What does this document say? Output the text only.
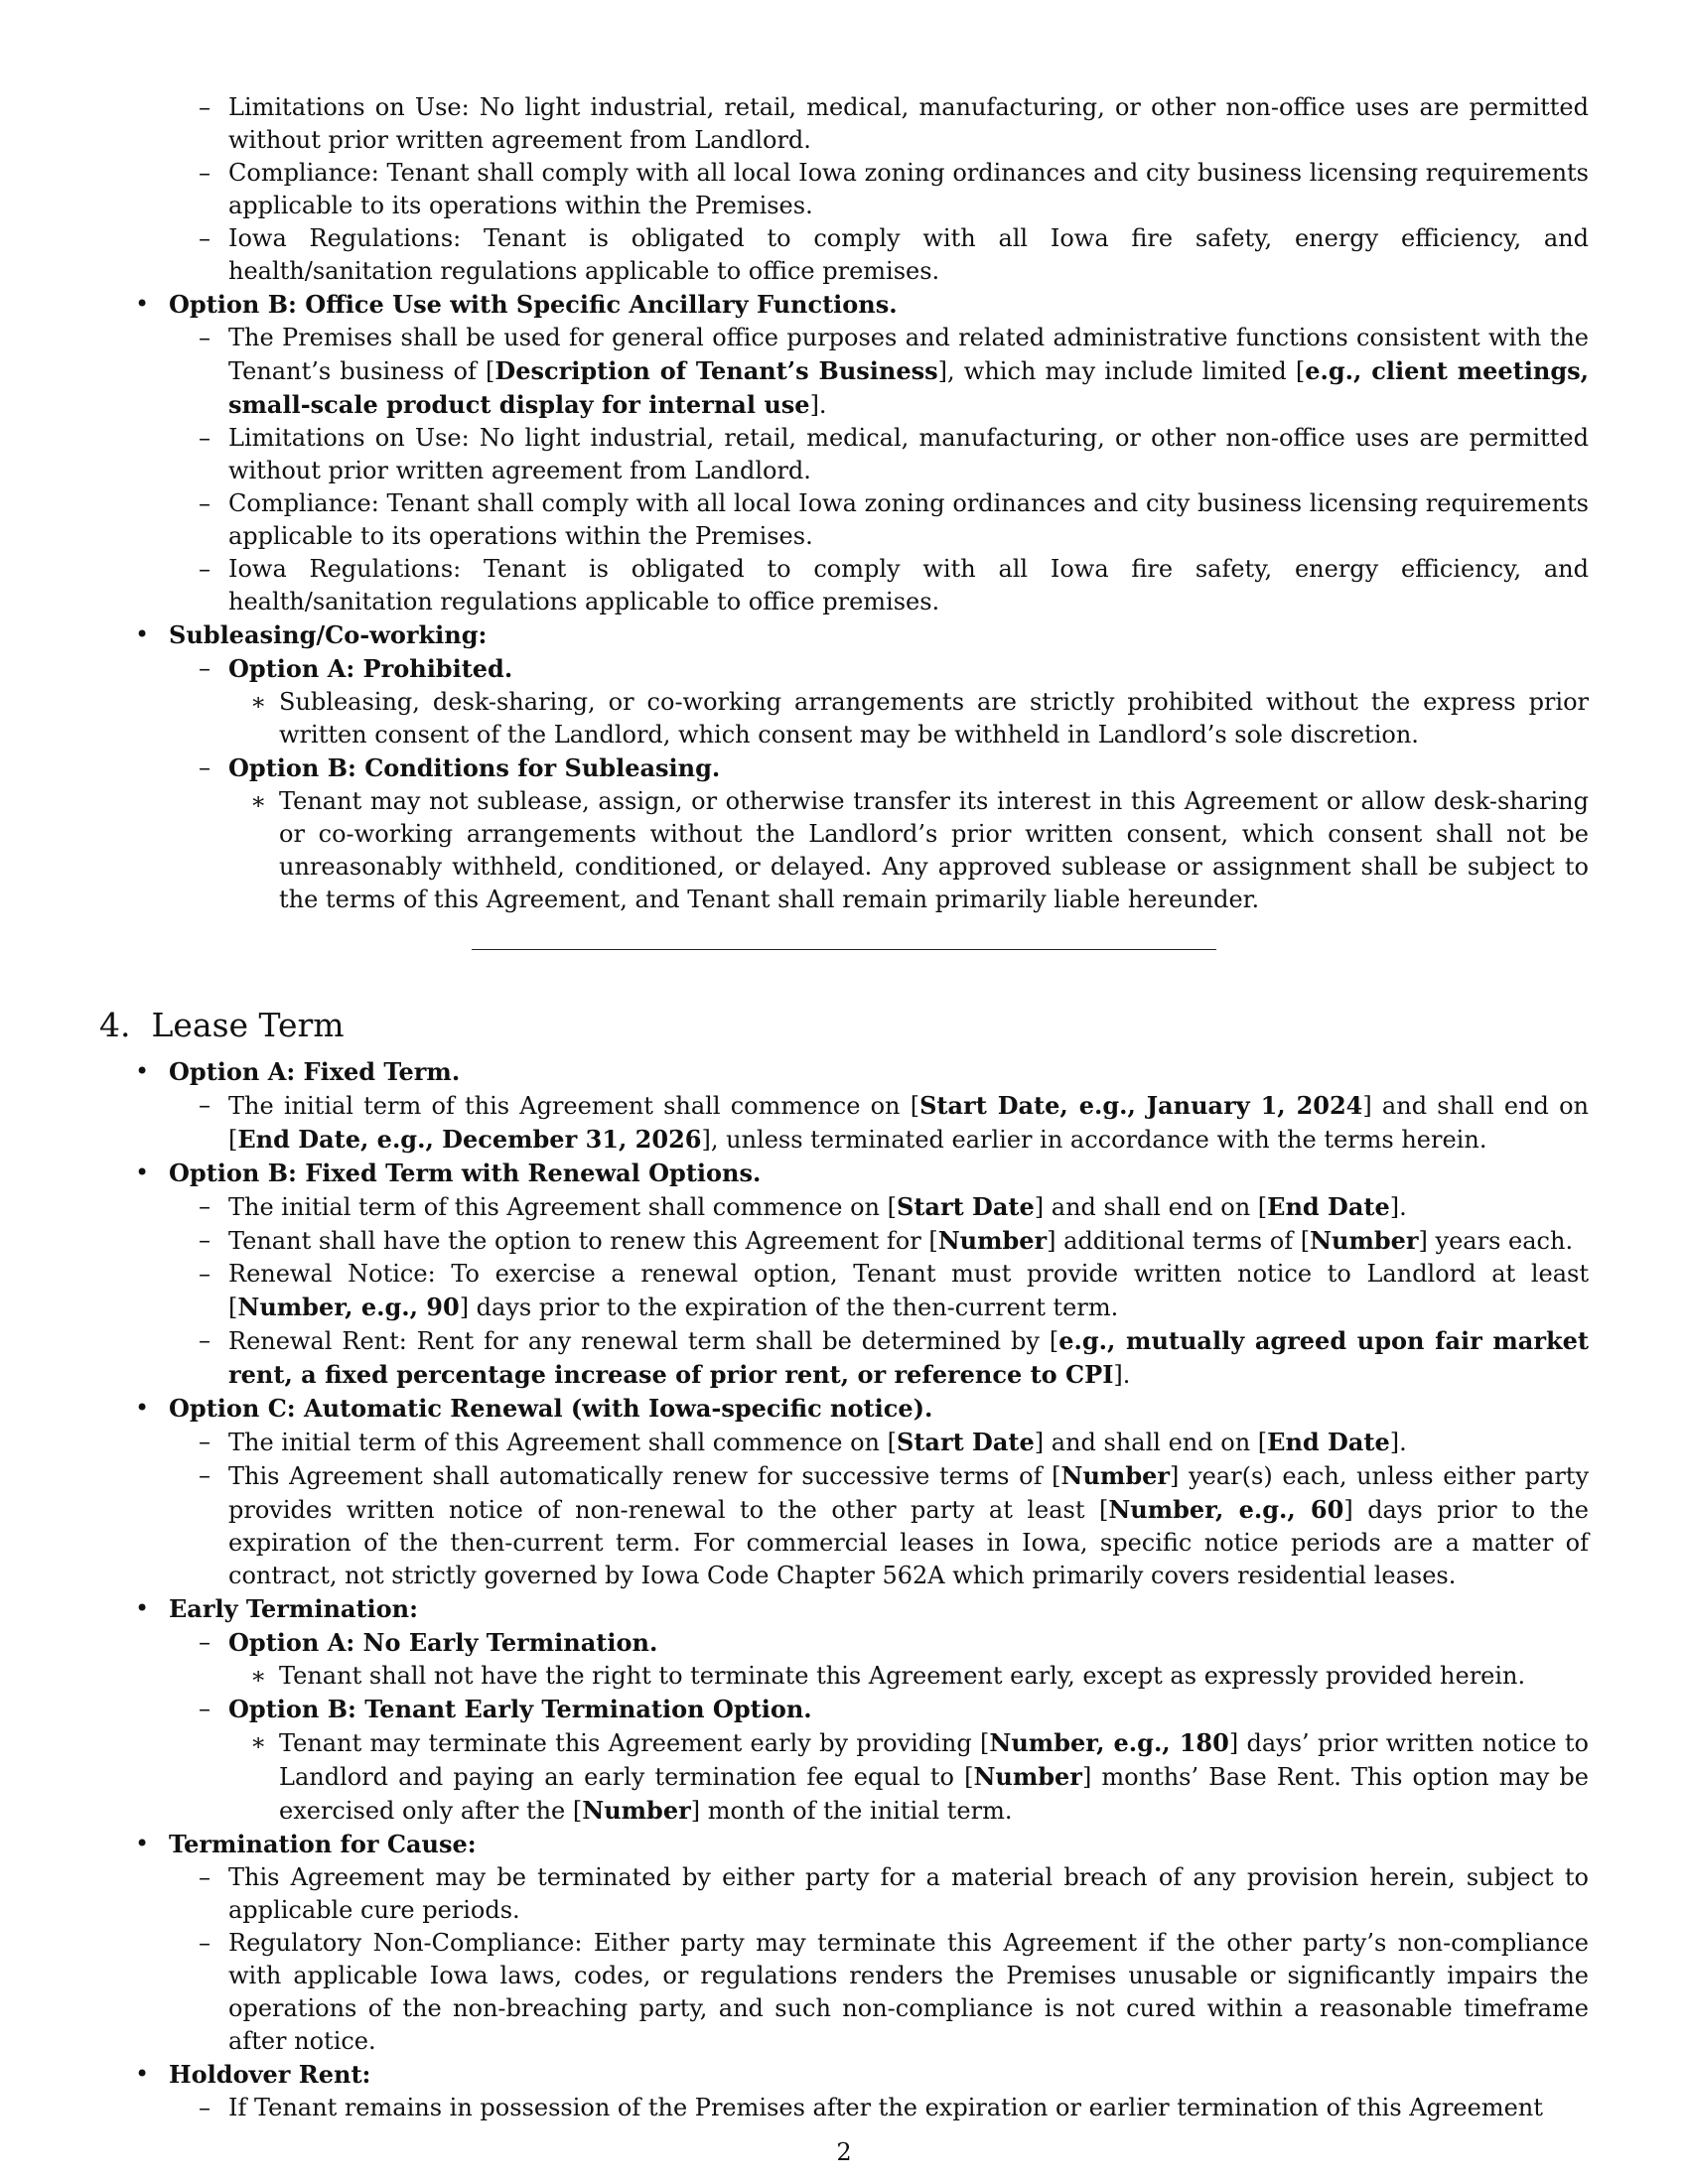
– Limitations on Use: No light industrial, retail, medical, manufacturing, or other non-office uses are permitted without prior written agreement from Landlord.
– Compliance: Tenant shall comply with all local Iowa zoning ordinances and city business licensing requirements applicable to its operations within the Premises.
– Iowa Regulations: Tenant is obligated to comply with all Iowa fire safety, energy efficiency, and health/sanitation regulations applicable to office premises.
• Option B: Office Use with Specific Ancillary Functions.
– The Premises shall be used for general office purposes and related administrative functions consistent with the Tenant’s business of [Description of Tenant’s Business], which may include limited [e.g., client meetings, small-scale product display for internal use].
– Limitations on Use: No light industrial, retail, medical, manufacturing, or other non-office uses are permitted without prior written agreement from Landlord.
– Compliance: Tenant shall comply with all local Iowa zoning ordinances and city business licensing requirements applicable to its operations within the Premises.
– Iowa Regulations: Tenant is obligated to comply with all Iowa fire safety, energy efficiency, and health/sanitation regulations applicable to office premises.
• Subleasing/Co-working:
– Option A: Prohibited.
∗ Subleasing, desk-sharing, or co-working arrangements are strictly prohibited without the express prior written consent of the Landlord, which consent may be withheld in Landlord’s sole discretion.
– Option B: Conditions for Subleasing.
∗ Tenant may not sublease, assign, or otherwise transfer its interest in this Agreement or allow desk-sharing or co-working arrangements without the Landlord’s prior written consent, which consent shall not be unreasonably withheld, conditioned, or delayed. Any approved sublease or assignment shall be subject to the terms of this Agreement, and Tenant shall remain primarily liable hereunder.
4. Lease Term
• Option A: Fixed Term.
– The initial term of this Agreement shall commence on [Start Date, e.g., January 1, 2024] and shall end on [End Date, e.g., December 31, 2026], unless terminated earlier in accordance with the terms herein.
• Option B: Fixed Term with Renewal Options.
– The initial term of this Agreement shall commence on [Start Date] and shall end on [End Date].
– Tenant shall have the option to renew this Agreement for [Number] additional terms of [Number] years each.
– Renewal Notice: To exercise a renewal option, Tenant must provide written notice to Landlord at least [Number, e.g., 90] days prior to the expiration of the then-current term.
– Renewal Rent: Rent for any renewal term shall be determined by [e.g., mutually agreed upon fair market rent, a fixed percentage increase of prior rent, or reference to CPI].
• Option C: Automatic Renewal (with Iowa-specific notice).
– The initial term of this Agreement shall commence on [Start Date] and shall end on [End Date].
– This Agreement shall automatically renew for successive terms of [Number] year(s) each, unless either party provides written notice of non-renewal to the other party at least [Number, e.g., 60] days prior to the expiration of the then-current term. For commercial leases in Iowa, specific notice periods are a matter of contract, not strictly governed by Iowa Code Chapter 562A which primarily covers residential leases.
• Early Termination:
– Option A: No Early Termination.
∗ Tenant shall not have the right to terminate this Agreement early, except as expressly provided herein.
– Option B: Tenant Early Termination Option.
∗ Tenant may terminate this Agreement early by providing [Number, e.g., 180] days’ prior written notice to Landlord and paying an early termination fee equal to [Number] months’ Base Rent. This option may be exercised only after the [Number] month of the initial term.
• Termination for Cause:
– This Agreement may be terminated by either party for a material breach of any provision herein, subject to applicable cure periods.
– Regulatory Non-Compliance: Either party may terminate this Agreement if the other party’s non-compliance with applicable Iowa laws, codes, or regulations renders the Premises unusable or significantly impairs the operations of the non-breaching party, and such non-compliance is not cured within a reasonable timeframe after notice.
• Holdover Rent:
– If Tenant remains in possession of the Premises after the expiration or earlier termination of this Agreement
2
